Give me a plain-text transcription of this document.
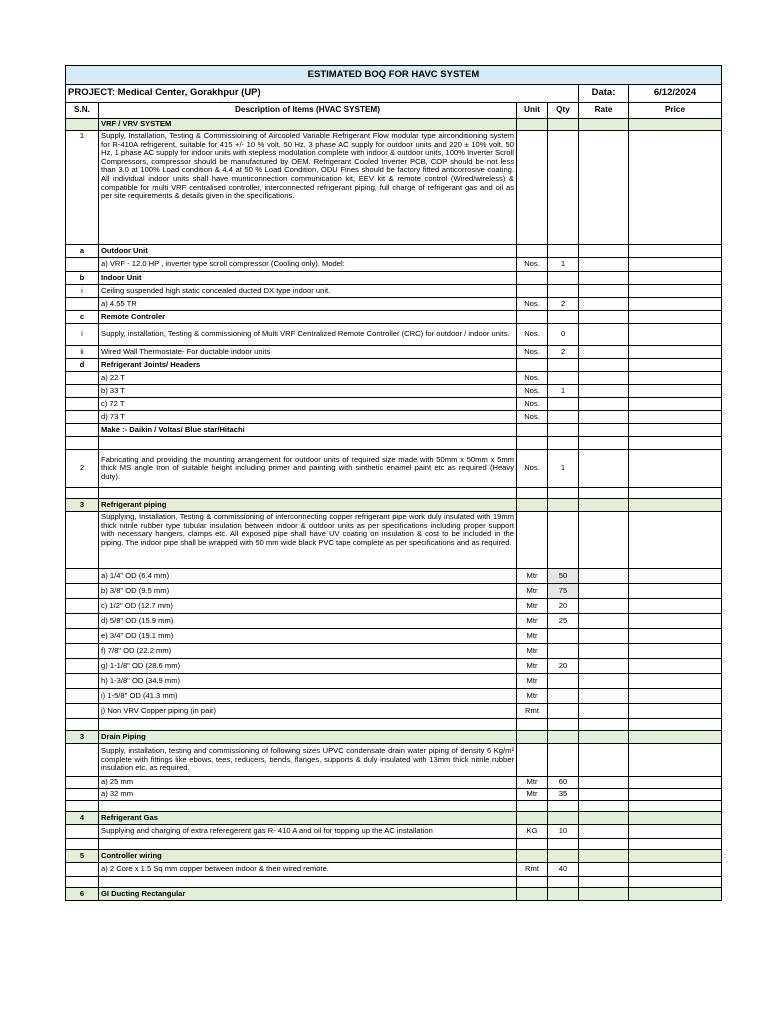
ESTIMATED BOQ FOR HAVC SYSTEM					
PROJECT: Medical Center, Gorakhpur (UP)				Data:	6/12/2024
S.N.	Description of Items (HVAC SYSTEM)	Unit	Qty	Rate	Price
	VRF / VRV SYSTEM				
1	Supply, Installation, Testing & Commissioining of Aircooled Variable Refrigerant Flow modular type airconditioning system for R-410A refrigerent, suitable for 415 +/- 10 % volt, 50 Hz, 3 phase AC supply for outdoor units and 220 ± 10% volt, 50 Hz, 1 phase AC supply for indoor units with stepless modulation complete with indoor & outdoor units, 100% Inverter Scroll Compressors, compressor should be manufactured by OEM. Refrigerant Cooled Inverter PCB, COP should be not less than 3.0 at 100% Load condition & 4.4 at 50 % Load Condition, ODU Fines should be factory fitted anticorrosive coating. All individual indoor units shall have munticonnection communication kit, EEV kit & remote control (Wired/wireless) & compatible for multi VRF centralised controller, interconnected refrigerant piping, full charge of refrigerant gas and oil as per site requirements & details given in the specifications.				
a	Outdoor Unit				
	a) VRF - 12.0 HP , inverter type scroll compressor (Cooling only). Model:	Nos.	1		
b	Indoor Unit				
i	Ceiling suspended high static concealed ducted DX type indoor unit.				
	a) 4.55 TR	Nos.	2		
c	Remote Controler				
i	Supply, installation, Testing & commissioning of Multi VRF Centralized Remote Controller (CRC) for outdoor / indoor units.	Nos.	0		
ii	Wired Wall Thermostate- For ductable indoor units	Nos.	2		
d	Refrigerant Joints/ Headers				
	a) 22 T	Nos.			
	b) 33 T	Nos.	1		
	c) 72 T	Nos.			
	d) 73 T	Nos.			
	Make :- Daikin / Voltas/ Blue star/Hitachi				

2	Fabricating and providing the mounting arrangement for outdoor units of required size made with 50mm x 50mm x 5mm thick MS angle Iron of suitable height including primer and painting with sinthetic enamel paint etc as required (Heavy duty).	Nos.	1		

3	Refrigerant piping				
	Supplying, Installation, Testing & commissioning of interconnecting copper refrigerant pipe work duly insulated with 19mm thick nitrile rubber type tubular insulation between indoor & outdoor units as per specifications including proper support with necessary hangers, clamps etc. All exposed pipe shall have UV coating on insulation & cost to be included in the piping. The indoor pipe shall be wrapped with 50 mm wide black PVC tape complete as per specifications and as required.				
	a) 1/4" OD (6.4 mm)	Mtr	50		
	b) 3/8" OD (9.5 mm)	Mtr	75		
	c) 1/2" OD (12.7 mm)	Mtr	20		
	d) 5/8" OD (15.9 mm)	Mtr	25		
	e) 3/4" OD (19.1 mm)	Mtr			
	f) 7/8" OD (22.2 mm)	Mtr			
	g) 1-1/8" OD (28.6 mm)	Mtr	20		
	h) 1-3/8" OD (34.9 mm)	Mtr			
	i) 1-5/8" OD (41.3 mm)	Mtr			
	j) Non VRV Copper piping (in pair)	Rmt			

3	Drain Piping				
	Supply, installation, testing and commissioning of following sizes UPVC condensate drain water piping of density 6 Kg/m² complete with fittings like ebows, tees, reducers, bends, flanges, supports & duly insulated with 13mm thick nitrile rubber insulation etc. as required.				
	a) 25 mm	Mtr	60		
	a) 32 mm	Mtr	35		

4	Refrigerant Gas				
	Supplying and charging of extra referegerent gas R- 410 A and oil for topping up the AC installation	KG	10		

5	Controller wiring				
	a) 2 Core x 1.5 Sq mm copper between indoor & their wired remote.	Rmt	40		

6	GI Ducting Rectangular				
